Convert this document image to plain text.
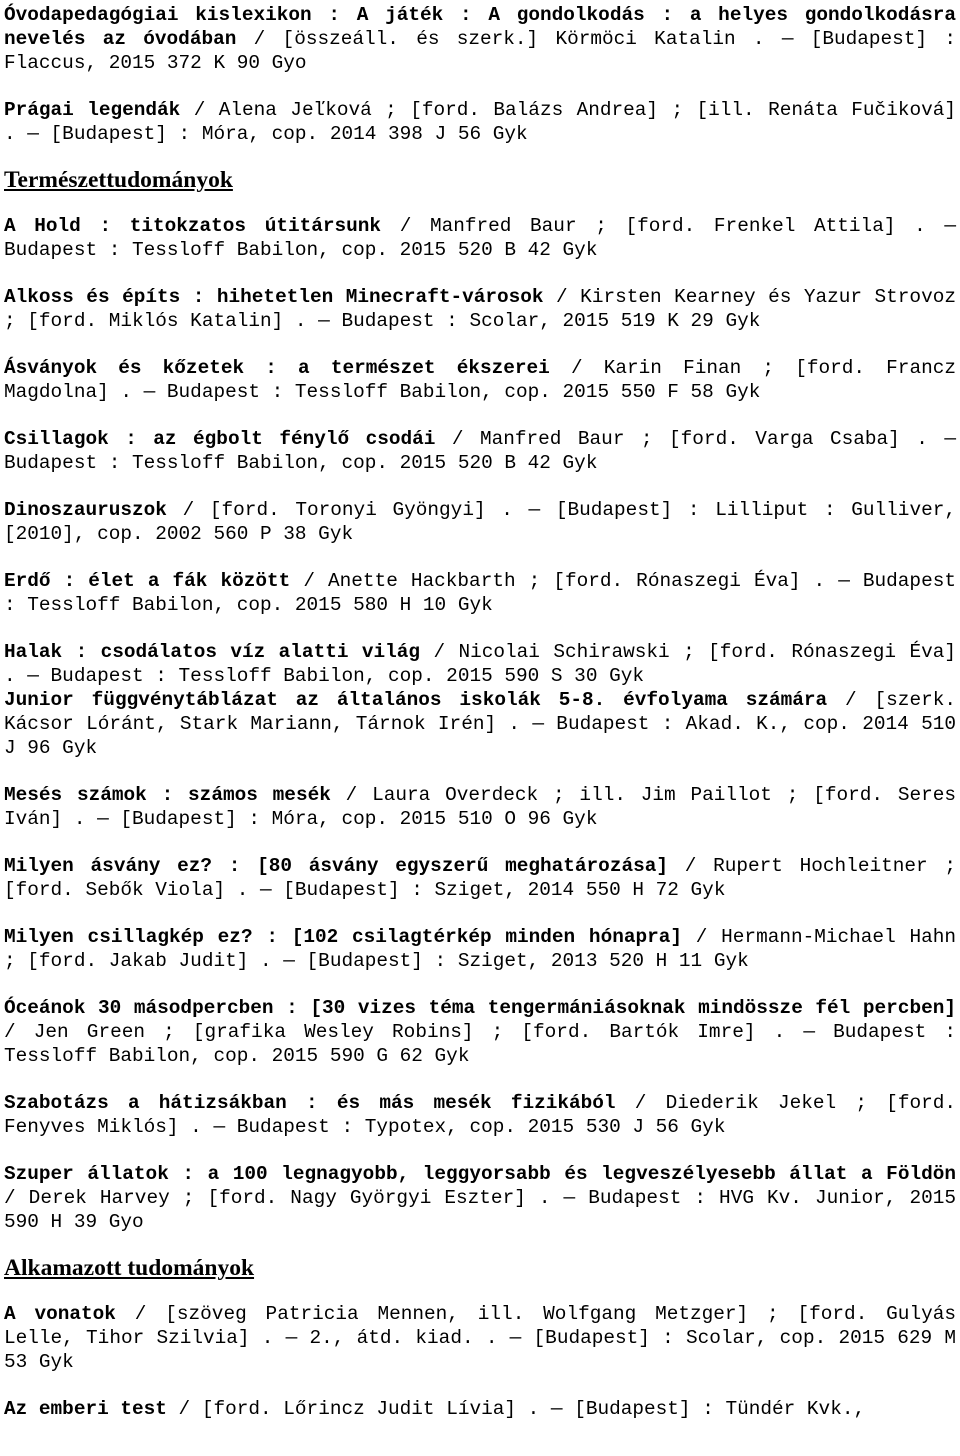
Óvodapedagógiai kislexikon : A játék : A gondolkodás : a helyes gondolkodásra nevelés az óvodában / [összeáll. és szerk.] Körmöci Katalin . — [Budapest] : Flaccus, 2015 372 K 90 Gyo

Prágai legendák / Alena Jeľková ; [ford. Balázs Andrea] ; [ill. Renáta Fučiková] . — [Budapest] : Móra, cop. 2014 398 J 56 Gyk

Természettudományok

A Hold : titokzatos útitársunk / Manfred Baur ; [ford. Frenkel Attila] . — Budapest : Tessloff Babilon, cop. 2015 520 B 42 Gyk

Alkoss és építs : hihetetlen Minecraft-városok / Kirsten Kearney és Yazur Strovoz ; [ford. Miklós Katalin] . — Budapest : Scolar, 2015 519 K 29 Gyk

Ásványok és kőzetek : a természet ékszerei / Karin Finan ; [ford. Francz Magdolna] . — Budapest : Tessloff Babilon, cop. 2015 550 F 58 Gyk

Csillagok : az égbolt fénylő csodái / Manfred Baur ; [ford. Varga Csaba] . — Budapest : Tessloff Babilon, cop. 2015 520 B 42 Gyk

Dinoszauruszok / [ford. Toronyi Gyöngyi] . — [Budapest] : Lilliput : Gulliver, [2010], cop. 2002 560 P 38 Gyk

Erdő : élet a fák között / Anette Hackbarth ; [ford. Rónaszegi Éva] . — Budapest : Tessloff Babilon, cop. 2015 580 H 10 Gyk

Halak : csodálatos víz alatti világ / Nicolai Schirawski ; [ford. Rónaszegi Éva] . — Budapest : Tessloff Babilon, cop. 2015 590 S 30 Gyk

Junior függvénytáblázat az általános iskolák 5-8. évfolyama számára / [szerk. Kácsor Lóránt, Stark Mariann, Tárnok Irén] . — Budapest : Akad. K., cop. 2014 510 J 96 Gyk

Mesés számok : számos mesék / Laura Overdeck ; ill. Jim Paillot ; [ford. Seres Iván] . — [Budapest] : Móra, cop. 2015 510 O 96 Gyk

Milyen ásvány ez? : [80 ásvány egyszerű meghatározása] / Rupert Hochleitner ; [ford. Sebők Viola] . — [Budapest] : Sziget, 2014 550 H 72 Gyk

Milyen csillagkép ez? : [102 csilagtérkép minden hónapra] / Hermann-Michael Hahn ; [ford. Jakab Judit] . — [Budapest] : Sziget, 2013 520 H 11 Gyk

Óceánok 30 másodpercben : [30 vizes téma tengermániásoknak mindössze fél percben] / Jen Green ; [grafika Wesley Robins] ; [ford. Bartók Imre] . — Budapest : Tessloff Babilon, cop. 2015 590 G 62 Gyk

Szabotázs a hátizsákban : és más mesék fizikából / Diederik Jekel ; [ford. Fenyves Miklós] . — Budapest : Typotex, cop. 2015 530 J 56 Gyk

Szuper állatok : a 100 legnagyobb, leggyorsabb és legveszélyesebb állat a Földön / Derek Harvey ; [ford. Nagy Györgyi Eszter] . — Budapest : HVG Kv. Junior, 2015 590 H 39 Gyo

Alkamazott tudományok

A vonatok / [szöveg Patricia Mennen, ill. Wolfgang Metzger] ; [ford. Gulyás Lelle, Tihor Szilvia] . — 2., átd. kiad. . — [Budapest] : Scolar, cop. 2015 629 M 53 Gyk

Az emberi test / [ford. Lőrincz Judit Lívia] . — [Budapest] : Tündér Kvk.,
